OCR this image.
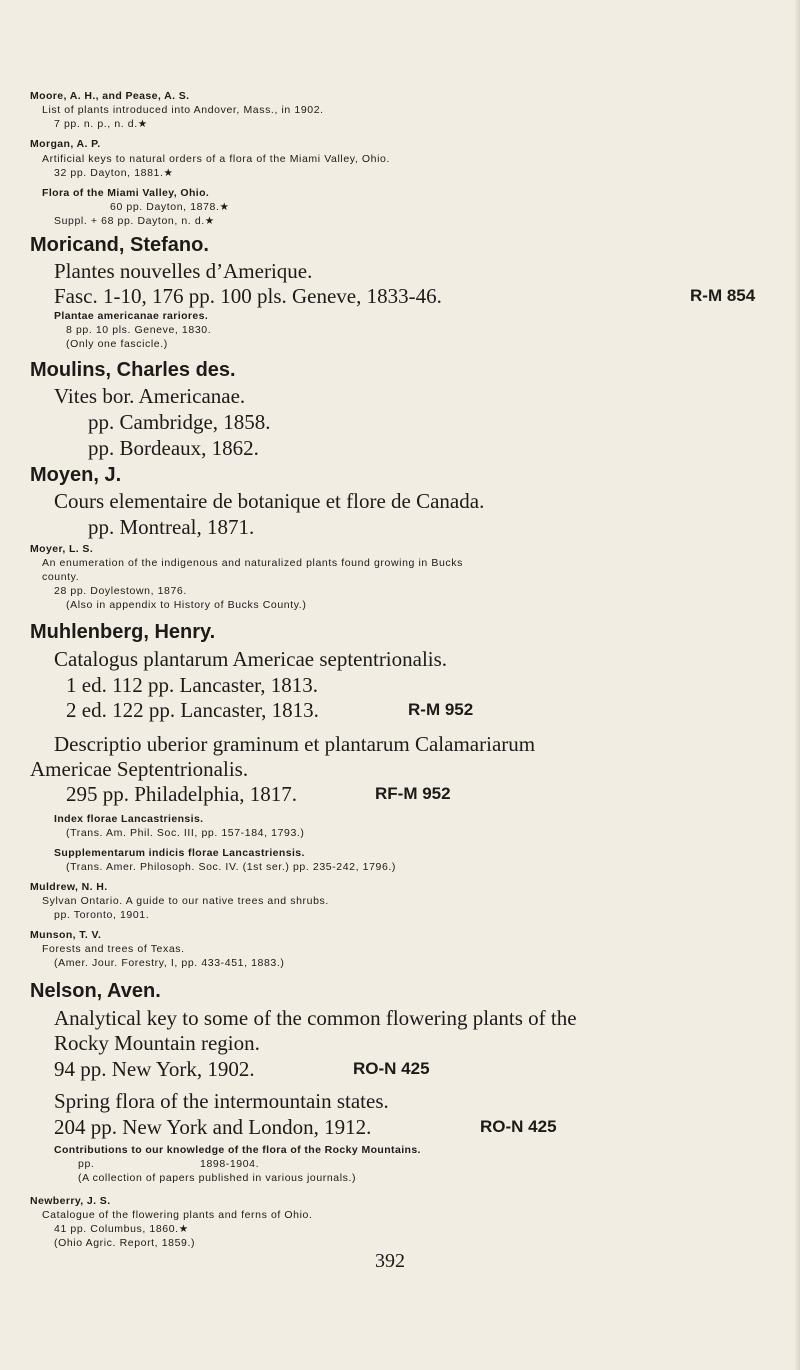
Moore, A. H., and Pease, A. S.
List of plants introduced into Andover, Mass., in 1902.
7 pp. n. p., n. d.★
Morgan, A. P.
Artificial keys to natural orders of a flora of the Miami Valley, Ohio.
32 pp. Dayton, 1881.★
Flora of the Miami Valley, Ohio.
60 pp. Dayton, 1878.★
Suppl. + 68 pp. Dayton, n. d.★
Moricand, Stefano.
Plantes nouvelles d’Amerique.
Fasc. 1-10, 176 pp. 100 pls. Geneve, 1833-46.
Plantae americanae rariores.
8 pp. 10 pls. Geneve, 1830.
(Only one fascicle.)
Moulins, Charles des.
Vites bor. Americanae.
pp. Cambridge, 1858.
pp. Bordeaux, 1862.
Moyen, J.
Cours elementaire de botanique et flore de Canada.
pp. Montreal, 1871.
Moyer, L. S.
An enumeration of the indigenous and naturalized plants found growing in Bucks
county.
28 pp. Doylestown, 1876.
(Also in appendix to History of Bucks County.)
Muhlenberg, Henry.
Catalogus plantarum Americae septentrionalis.
1 ed. 112 pp. Lancaster, 1813.
2 ed. 122 pp. Lancaster, 1813.
Descriptio uberior graminum et plantarum Calamariarum
Americae Septentrionalis.
295 pp. Philadelphia, 1817.
Index florae Lancastriensis.
(Trans. Am. Phil. Soc. III, pp. 157-184, 1793.)
Supplementarum indicis florae Lancastriensis.
(Trans. Amer. Philosoph. Soc. IV. (1st ser.) pp. 235-242, 1796.)
Muldrew, N. H.
Sylvan Ontario. A guide to our native trees and shrubs.
pp. Toronto, 1901.
Munson, T. V.
Forests and trees of Texas.
(Amer. Jour. Forestry, I, pp. 433-451, 1883.)
Nelson, Aven.
Analytical key to some of the common flowering plants of the
Rocky Mountain region.
94 pp. New York, 1902.
Spring flora of the intermountain states.
204 pp. New York and London, 1912.
Contributions to our knowledge of the flora of the Rocky Mountains.
pp.	1898-1904.
(A collection of papers published in various journals.)
Newberry, J. S.
Catalogue of the flowering plants and ferns of Ohio.
41 pp. Columbus, 1860.★
(Ohio Agric. Report, 1859.)
R-M 854
R-M 952
RF-M 952
RO-N 425
RO-N 425
392
